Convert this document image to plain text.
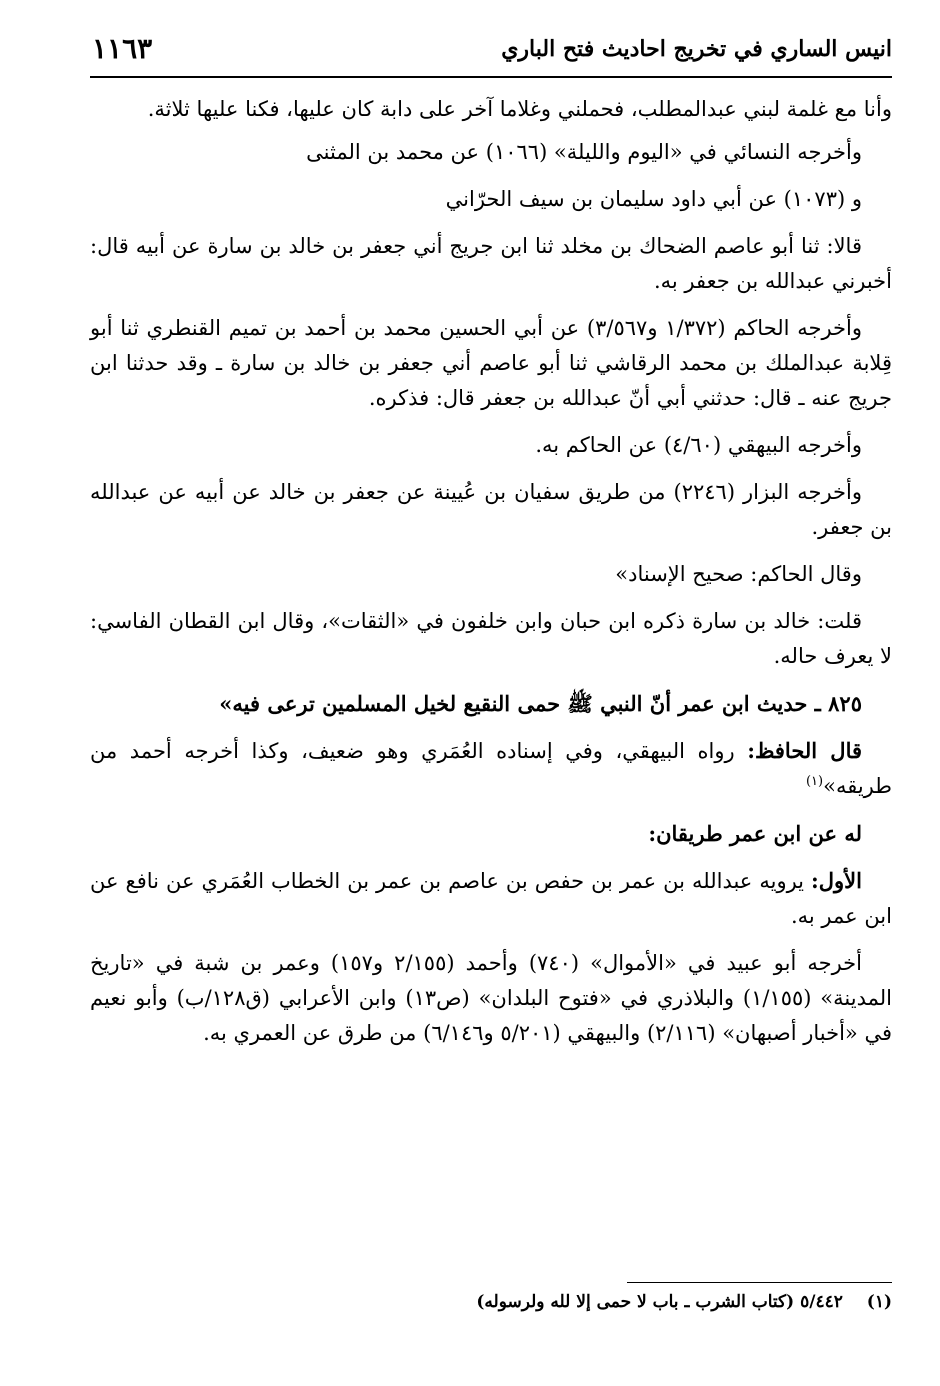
انيس الساري في تخريج احاديث فتح الباري
١١٦٣

وأنا مع غلمة لبني عبدالمطلب، فحملني وغلاما آخر على دابة كان عليها، فكنا عليها ثلاثة.

وأخرجه النسائي في «اليوم والليلة» (١٠٦٦) عن محمد بن المثنى

و (١٠٧٣) عن أبي داود سليمان بن سيف الحرّاني

قالا: ثنا أبو عاصم الضحاك بن مخلد ثنا ابن جريج أني جعفر بن خالد بن سارة عن أبيه قال: أخبرني عبدالله بن جعفر به.

وأخرجه الحاكم (١/٣٧٢ و٣/٥٦٧) عن أبي الحسين محمد بن أحمد بن تميم القنطري ثنا أبو قِلابة عبدالملك بن محمد الرقاشي ثنا أبو عاصم أني جعفر بن خالد بن سارة ـ وقد حدثنا ابن جريج عنه ـ قال: حدثني أبي أنّ عبدالله بن جعفر قال: فذكره.

وأخرجه البيهقي (٤/٦٠) عن الحاكم به.

وأخرجه البزار (٢٢٤٦) من طريق سفيان بن عُيينة عن جعفر بن خالد عن أبيه عن عبدالله بن جعفر.

وقال الحاكم: صحيح الإسناد»

قلت: خالد بن سارة ذكره ابن حبان وابن خلفون في «الثقات»، وقال ابن القطان الفاسي: لا يعرف حاله.

٨٢٥ ـ حديث ابن عمر أنّ النبي ﷺ حمى النقيع لخيل المسلمين ترعى فيه»

قال الحافظ: رواه البيهقي، وفي إسناده العُمَري وهو ضعيف، وكذا أخرجه أحمد من طريقه»$^{(١)}$

له عن ابن عمر طريقان:

الأول: يرويه عبدالله بن عمر بن حفص بن عاصم بن عمر بن الخطاب العُمَري عن نافع عن ابن عمر به.

أخرجه أبو عبيد في «الأموال» (٧٤٠) وأحمد (٢/١٥٥ و١٥٧) وعمر بن شبة في «تاريخ المدينة» (١/١٥٥) والبلاذري في «فتوح البلدان» (ص١٣) وابن الأعرابي (ق١٢٨/ب) وأبو نعيم في «أخبار أصبهان» (٢/١١٦) والبيهقي (٥/٢٠١ و٦/١٤٦) من طرق عن العمري به.

(١) ٥/٤٤٢ (كتاب الشرب ـ باب لا حمى إلا لله ولرسوله)
